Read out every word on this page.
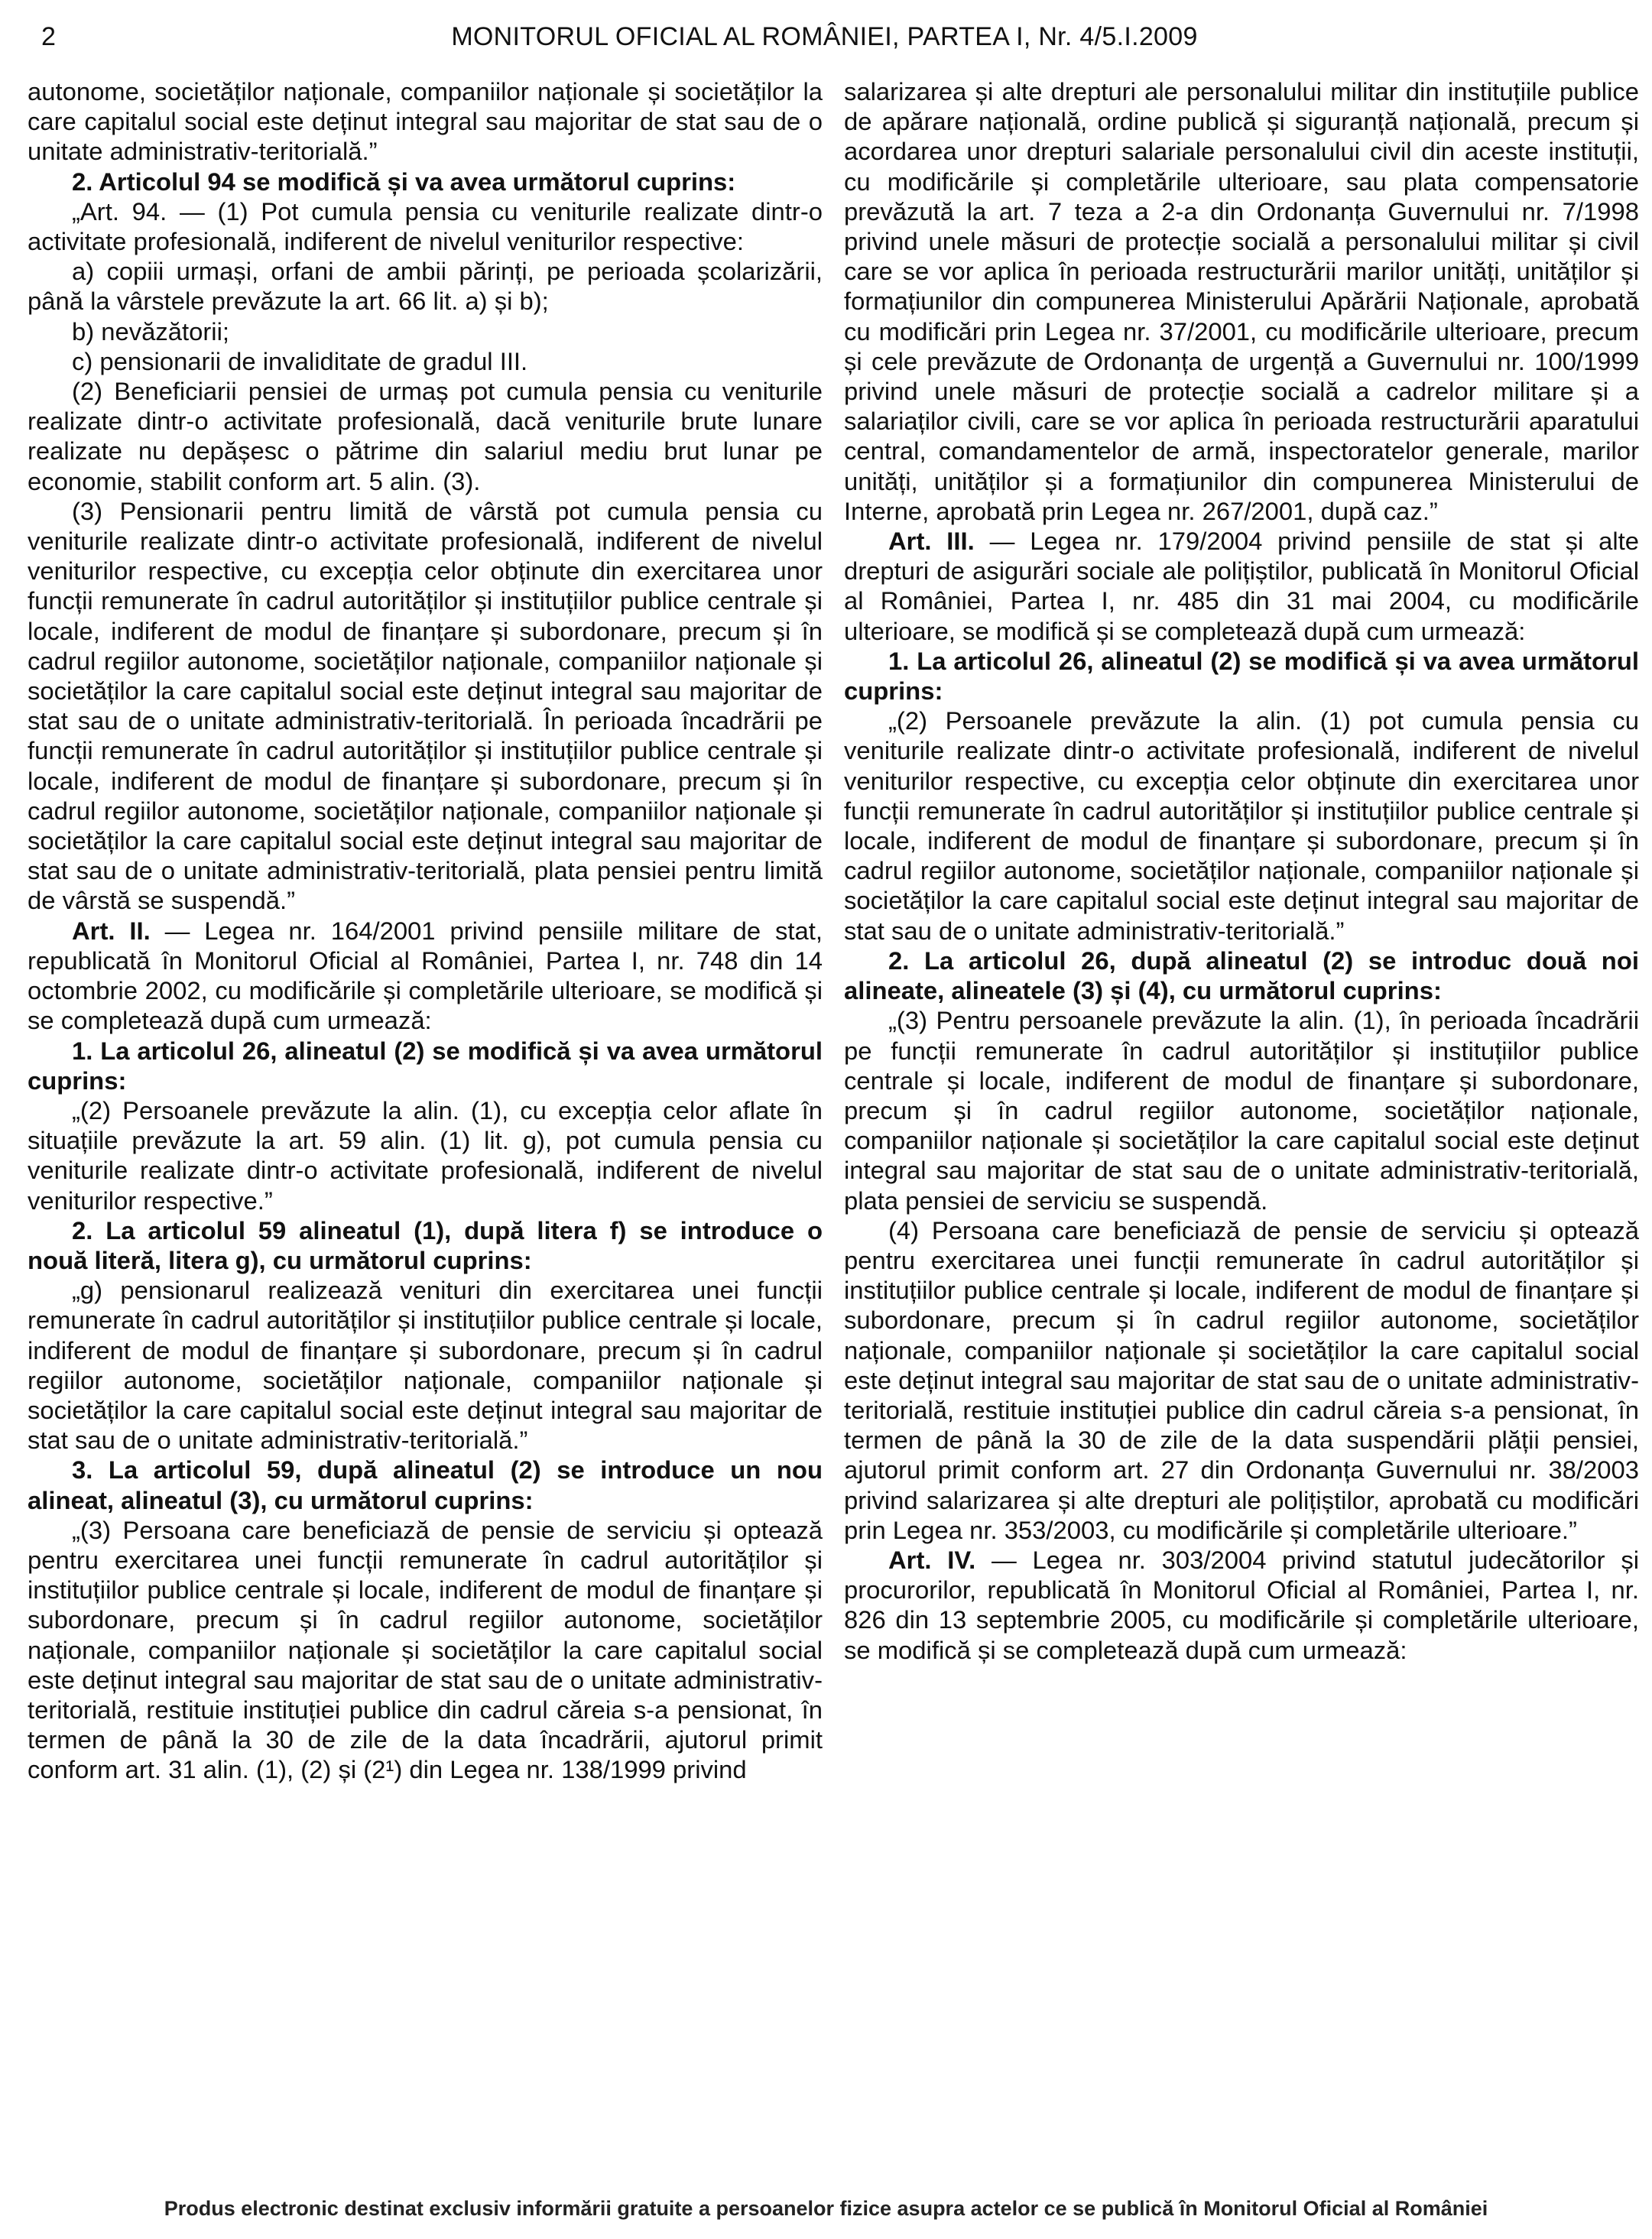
2	MONITORUL OFICIAL AL ROMÂNIEI, PARTEA I, Nr. 4/5.I.2009

autonome, societăților naționale, companiilor naționale și societăților la care capitalul social este deținut integral sau majoritar de stat sau de o unitate administrativ-teritorială.”

2. Articolul 94 se modifică și va avea următorul cuprins:

„Art. 94. — (1) Pot cumula pensia cu veniturile realizate dintr-o activitate profesională, indiferent de nivelul veniturilor respective:

a) copiii urmași, orfani de ambii părinți, pe perioada școlarizării, până la vârstele prevăzute la art. 66 lit. a) și b);

b) nevăzătorii;

c) pensionarii de invaliditate de gradul III.

(2) Beneficiarii pensiei de urmaș pot cumula pensia cu veniturile realizate dintr-o activitate profesională, dacă veniturile brute lunare realizate nu depășesc o pătrime din salariul mediu brut lunar pe economie, stabilit conform art. 5 alin. (3).

(3) Pensionarii pentru limită de vârstă pot cumula pensia cu veniturile realizate dintr-o activitate profesională, indiferent de nivelul veniturilor respective, cu excepția celor obținute din exercitarea unor funcții remunerate în cadrul autorităților și instituțiilor publice centrale și locale, indiferent de modul de finanțare și subordonare, precum și în cadrul regiilor autonome, societăților naționale, companiilor naționale și societăților la care capitalul social este deținut integral sau majoritar de stat sau de o unitate administrativ-teritorială. În perioada încadrării pe funcții remunerate în cadrul autorităților și instituțiilor publice centrale și locale, indiferent de modul de finanțare și subordonare, precum și în cadrul regiilor autonome, societăților naționale, companiilor naționale și societăților la care capitalul social este deținut integral sau majoritar de stat sau de o unitate administrativ-teritorială, plata pensiei pentru limită de vârstă se suspendă.”

Art. II. — Legea nr. 164/2001 privind pensiile militare de stat, republicată în Monitorul Oficial al României, Partea I, nr. 748 din 14 octombrie 2002, cu modificările și completările ulterioare, se modifică și se completează după cum urmează:

1. La articolul 26, alineatul (2) se modifică și va avea următorul cuprins:

„(2) Persoanele prevăzute la alin. (1), cu excepția celor aflate în situațiile prevăzute la art. 59 alin. (1) lit. g), pot cumula pensia cu veniturile realizate dintr-o activitate profesională, indiferent de nivelul veniturilor respective.”

2. La articolul 59 alineatul (1), după litera f) se introduce o nouă literă, litera g), cu următorul cuprins:

„g) pensionarul realizează venituri din exercitarea unei funcții remunerate în cadrul autorităților și instituțiilor publice centrale și locale, indiferent de modul de finanțare și subordonare, precum și în cadrul regiilor autonome, societăților naționale, companiilor naționale și societăților la care capitalul social este deținut integral sau majoritar de stat sau de o unitate administrativ-teritorială.”

3. La articolul 59, după alineatul (2) se introduce un nou alineat, alineatul (3), cu următorul cuprins:

„(3) Persoana care beneficiază de pensie de serviciu și optează pentru exercitarea unei funcții remunerate în cadrul autorităților și instituțiilor publice centrale și locale, indiferent de modul de finanțare și subordonare, precum și în cadrul regiilor autonome, societăților naționale, companiilor naționale și societăților la care capitalul social este deținut integral sau majoritar de stat sau de o unitate administrativ-teritorială, restituie instituției publice din cadrul căreia s-a pensionat, în termen de până la 30 de zile de la data încadrării, ajutorul primit conform art. 31 alin. (1), (2) și (2¹) din Legea nr. 138/1999 privind

salarizarea și alte drepturi ale personalului militar din instituțiile publice de apărare națională, ordine publică și siguranță națională, precum și acordarea unor drepturi salariale personalului civil din aceste instituții, cu modificările și completările ulterioare, sau plata compensatorie prevăzută la art. 7 teza a 2-a din Ordonanța Guvernului nr. 7/1998 privind unele măsuri de protecție socială a personalului militar și civil care se vor aplica în perioada restructurării marilor unități, unităților și formațiunilor din compunerea Ministerului Apărării Naționale, aprobată cu modificări prin Legea nr. 37/2001, cu modificările ulterioare, precum și cele prevăzute de Ordonanța de urgență a Guvernului nr. 100/1999 privind unele măsuri de protecție socială a cadrelor militare și a salariaților civili, care se vor aplica în perioada restructurării aparatului central, comandamentelor de armă, inspectoratelor generale, marilor unități, unităților și a formațiunilor din compunerea Ministerului de Interne, aprobată prin Legea nr. 267/2001, după caz.”

Art. III. — Legea nr. 179/2004 privind pensiile de stat și alte drepturi de asigurări sociale ale polițiștilor, publicată în Monitorul Oficial al României, Partea I, nr. 485 din 31 mai 2004, cu modificările ulterioare, se modifică și se completează după cum urmează:

1. La articolul 26, alineatul (2) se modifică și va avea următorul cuprins:

„(2) Persoanele prevăzute la alin. (1) pot cumula pensia cu veniturile realizate dintr-o activitate profesională, indiferent de nivelul veniturilor respective, cu excepția celor obținute din exercitarea unor funcții remunerate în cadrul autorităților și instituțiilor publice centrale și locale, indiferent de modul de finanțare și subordonare, precum și în cadrul regiilor autonome, societăților naționale, companiilor naționale și societăților la care capitalul social este deținut integral sau majoritar de stat sau de o unitate administrativ-teritorială.”

2. La articolul 26, după alineatul (2) se introduc două noi alineate, alineatele (3) și (4), cu următorul cuprins:

„(3) Pentru persoanele prevăzute la alin. (1), în perioada încadrării pe funcții remunerate în cadrul autorităților și instituțiilor publice centrale și locale, indiferent de modul de finanțare și subordonare, precum și în cadrul regiilor autonome, societăților naționale, companiilor naționale și societăților la care capitalul social este deținut integral sau majoritar de stat sau de o unitate administrativ-teritorială, plata pensiei de serviciu se suspendă.

(4) Persoana care beneficiază de pensie de serviciu și optează pentru exercitarea unei funcții remunerate în cadrul autorităților și instituțiilor publice centrale și locale, indiferent de modul de finanțare și subordonare, precum și în cadrul regiilor autonome, societăților naționale, companiilor naționale și societăților la care capitalul social este deținut integral sau majoritar de stat sau de o unitate administrativ-teritorială, restituie instituției publice din cadrul căreia s-a pensionat, în termen de până la 30 de zile de la data suspendării plății pensiei, ajutorul primit conform art. 27 din Ordonanța Guvernului nr. 38/2003 privind salarizarea și alte drepturi ale polițiștilor, aprobată cu modificări prin Legea nr. 353/2003, cu modificările și completările ulterioare.”

Art. IV. — Legea nr. 303/2004 privind statutul judecătorilor și procurorilor, republicată în Monitorul Oficial al României, Partea I, nr. 826 din 13 septembrie 2005, cu modificările și completările ulterioare, se modifică și se completează după cum urmează:

Produs electronic destinat exclusiv informării gratuite a persoanelor fizice asupra actelor ce se publică în Monitorul Oficial al României
